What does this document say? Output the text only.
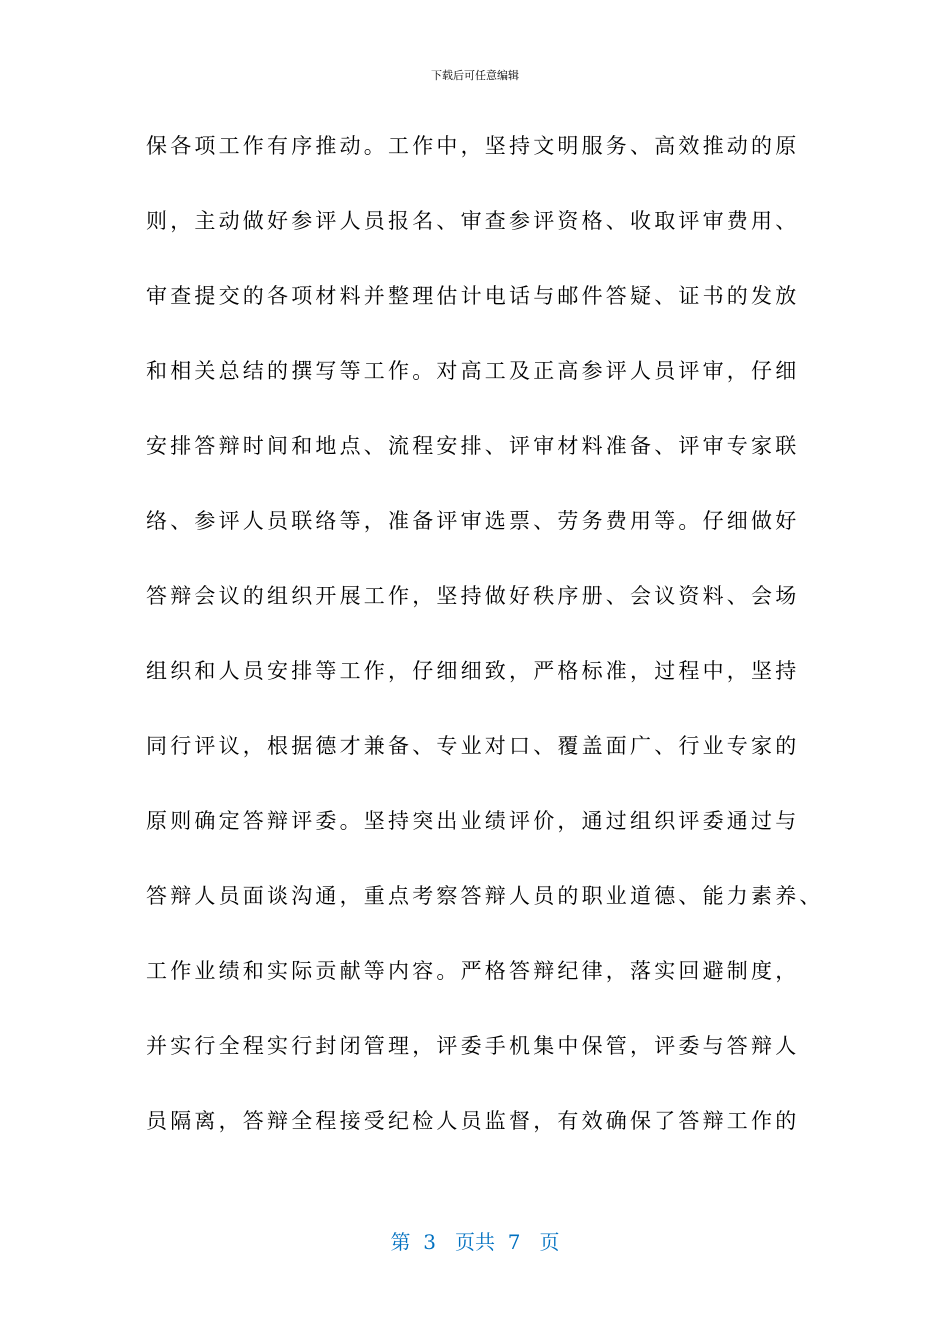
下载后可任意编辑
保各项工作有序推动。工作中，坚持文明服务、高效推动的原
则，主动做好参评人员报名、审查参评资格、收取评审费用、
审查提交的各项材料并整理估计电话与邮件答疑、证书的发放
和相关总结的撰写等工作。对高工及正高参评人员评审，仔细
安排答辩时间和地点、流程安排、评审材料准备、评审专家联
络、参评人员联络等，准备评审选票、劳务费用等。仔细做好
答辩会议的组织开展工作，坚持做好秩序册、会议资料、会场
组织和人员安排等工作，仔细细致，严格标准，过程中，坚持
同行评议，根据德才兼备、专业对口、覆盖面广、行业专家的
原则确定答辩评委。坚持突出业绩评价，通过组织评委通过与
答辩人员面谈沟通，重点考察答辩人员的职业道德、能力素养、
工作业绩和实际贡献等内容。严格答辩纪律，落实回避制度，
并实行全程实行封闭管理，评委手机集中保管，评委与答辩人
员隔离，答辩全程接受纪检人员监督，有效确保了答辩工作的
第  3   页共  7   页
